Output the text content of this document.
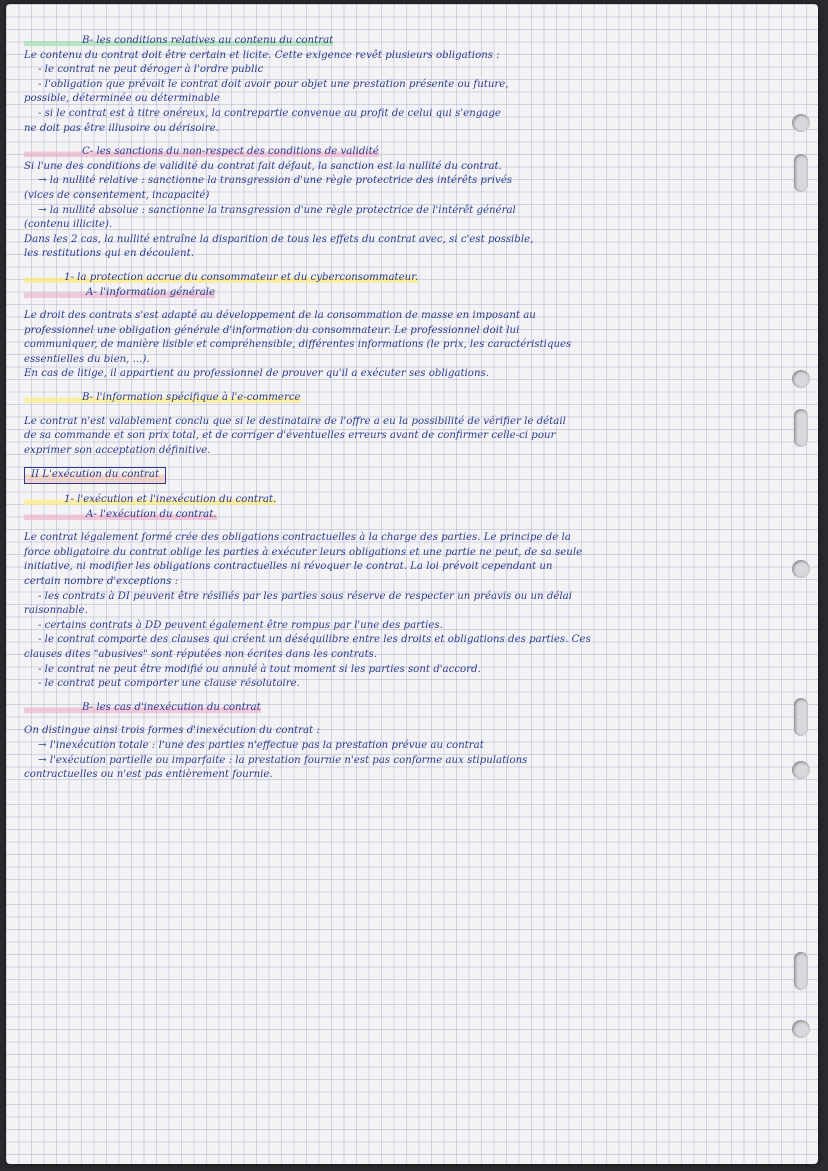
B- les conditions relatives au contenu du contrat
Le contenu du contrat doit être certain et licite. Cette exigence revêt plusieurs obligations :
- le contrat ne peut déroger à l'ordre public
- l'obligation que prévoit le contrat doit avoir pour objet une prestation présente ou future,
possible, déterminée ou déterminable
- si le contrat est à titre onéreux, la contrepartie convenue au profit de celui qui s'engage
ne doit pas être illusoire ou dérisoire.
C- les sanctions du non-respect des conditions de validité
Si l'une des conditions de validité du contrat fait défaut, la sanction est la nullité du contrat.
→ la nullité relative : sanctionne la transgression d'une règle protectrice des intérêts privés
(vices de consentement, incapacité)
→ la nullité absolue : sanctionne la transgression d'une règle protectrice de l'intérêt général
(contenu illicite).
Dans les 2 cas, la nullité entraîne la disparition de tous les effets du contrat avec, si c'est possible,
les restitutions qui en découlent.
1- la protection accrue du consommateur et du cyberconsommateur.
A- l'information générale
Le droit des contrats s'est adapté au développement de la consommation de masse en imposant au
professionnel une obligation générale d'information du consommateur. Le professionnel doit lui
communiquer, de manière lisible et compréhensible, différentes informations (le prix, les caractéristiques
essentielles du bien, ...).
En cas de litige, il appartient au professionnel de prouver qu'il a exécuter ses obligations.
B- l'information spécifique à l'e-commerce
Le contrat n'est valablement conclu que si le destinataire de l'offre a eu la possibilité de vérifier le détail
de sa commande et son prix total, et de corriger d'éventuelles erreurs avant de confirmer celle-ci pour
exprimer son acceptation définitive.
II L'exécution du contrat
1- l'exécution et l'inexécution du contrat.
A- l'exécution du contrat.
Le contrat légalement formé crée des obligations contractuelles à la charge des parties. Le principe de la
force obligatoire du contrat oblige les parties à exécuter leurs obligations et une partie ne peut, de sa seule
initiative, ni modifier les obligations contractuelles ni révoquer le contrat. La loi prévoit cependant un
certain nombre d'exceptions :
- les contrats à DI peuvent être résiliés par les parties sous réserve de respecter un préavis ou un délai
raisonnable.
- certains contrats à DD peuvent également être rompus par l'une des parties.
- le contrat comporte des clauses qui créent un déséquilibre entre les droits et obligations des parties. Ces
clauses dites "abusives" sont réputées non écrites dans les contrats.
- le contrat ne peut être modifié ou annulé à tout moment si les parties sont d'accord.
- le contrat peut comporter une clause résolutoire.
B- les cas d'inexécution du contrat
On distingue ainsi trois formes d'inexécution du contrat :
→ l'inexécution totale : l'une des parties n'effectue pas la prestation prévue au contrat
→ l'exécution partielle ou imparfaite : la prestation fournie n'est pas conforme aux stipulations
contractuelles ou n'est pas entièrement fournie.
